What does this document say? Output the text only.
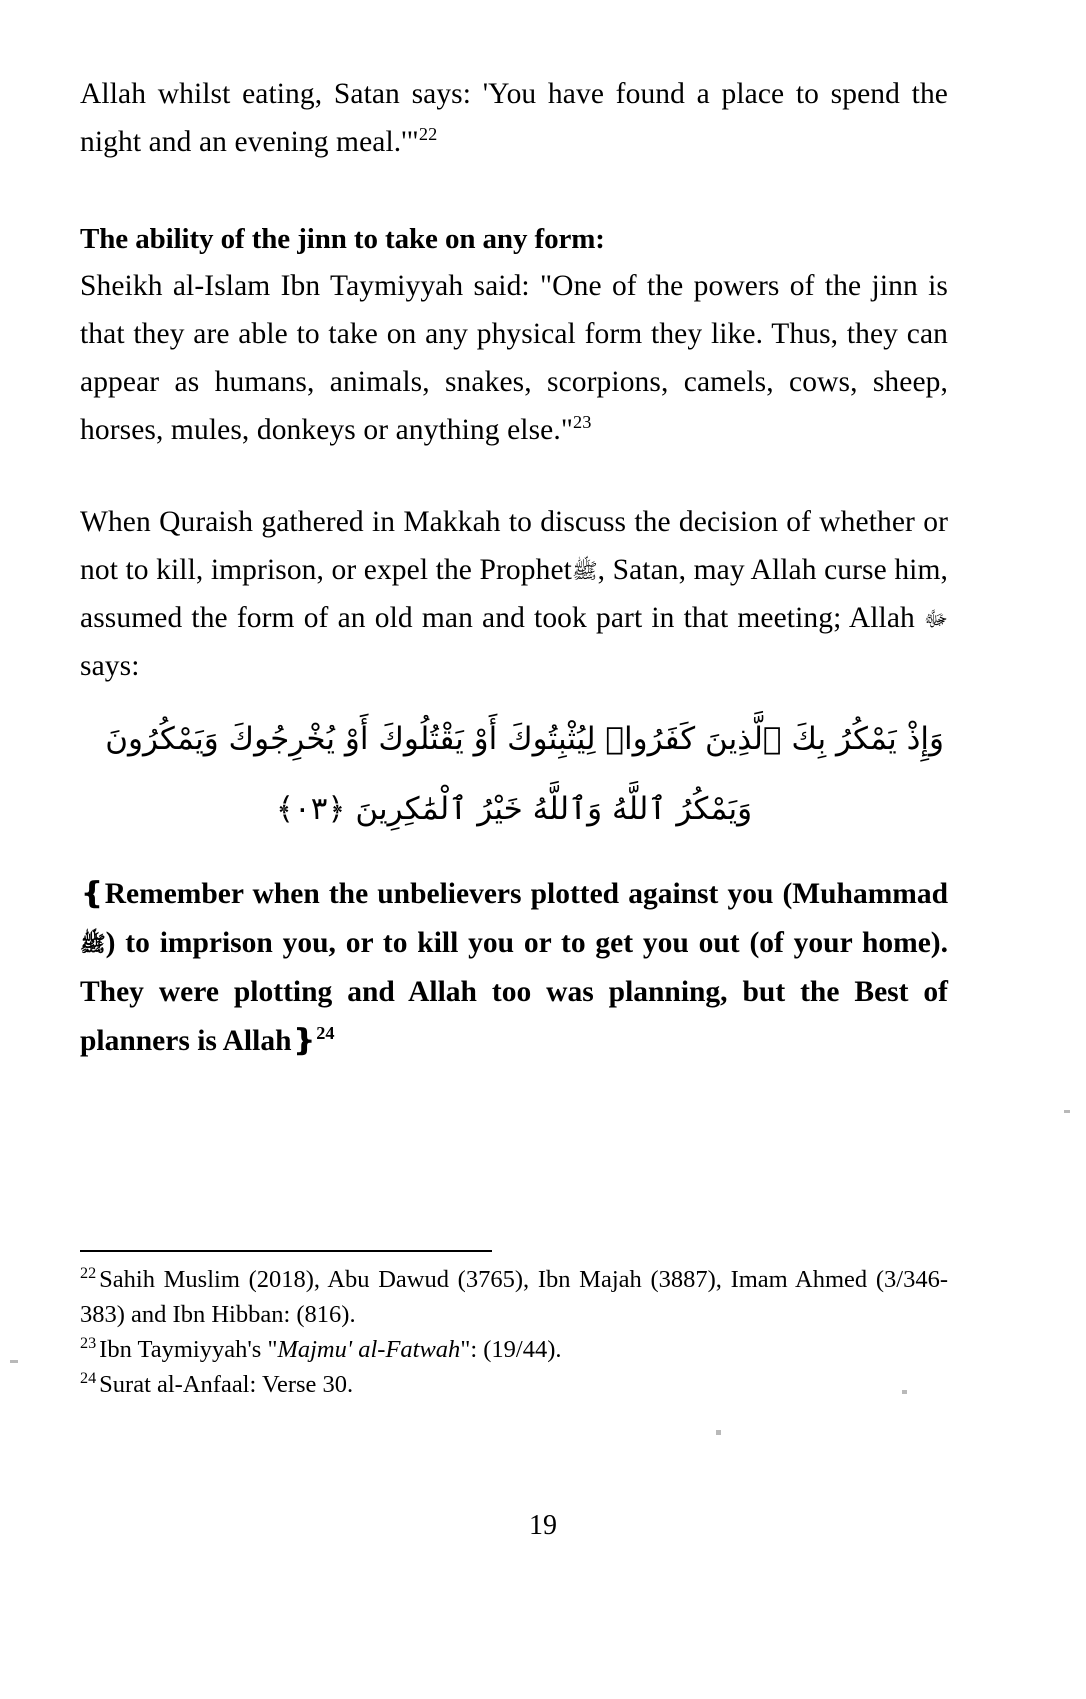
Allah whilst eating, Satan says: 'You have found a place to spend the night and an evening meal.'"$^{22}$

The ability of the jinn to take on any form:

Sheikh al-Islam Ibn Taymiyyah said: "One of the powers of the jinn is that they are able to take on any physical form they like. Thus, they can appear as humans, animals, snakes, scorpions, camels, cows, sheep, horses, mules, donkeys or anything else."$^{23}$

When Quraish gathered in Makkah to discuss the decision of whether or not to kill, imprison, or expel the Prophetﷺ, Satan, may Allah curse him, assumed the form of an old man and took part in that meeting; Allah ﷻ says:

وَإِذْ يَمْكُرُ بِكَ ٱلَّذِينَ كَفَرُوا۟ لِيُثْبِتُوكَ أَوْ يَقْتُلُوكَ أَوْ يُخْرِجُوكَ وَيَمْكُرُونَ

وَيَمْكُرُ ٱللَّهُ وَٱللَّهُ خَيْرُ ٱلْمَٰكِرِينَ ﴿٣٠﴾

❴Remember when the unbelievers plotted against you (Muhammad ﷺ) to imprison you, or to kill you or to get you out (of your home). They were plotting and Allah too was planning, but the Best of planners is Allah❵$^{24}$

$^{22}$ Sahih Muslim (2018), Abu Dawud (3765), Ibn Majah (3887), Imam Ahmed (3/346-383) and Ibn Hibban: (816).

$^{23}$ Ibn Taymiyyah's "Majmu' al-Fatwah": (19/44).

$^{24}$ Surat al-Anfaal: Verse 30.

19
